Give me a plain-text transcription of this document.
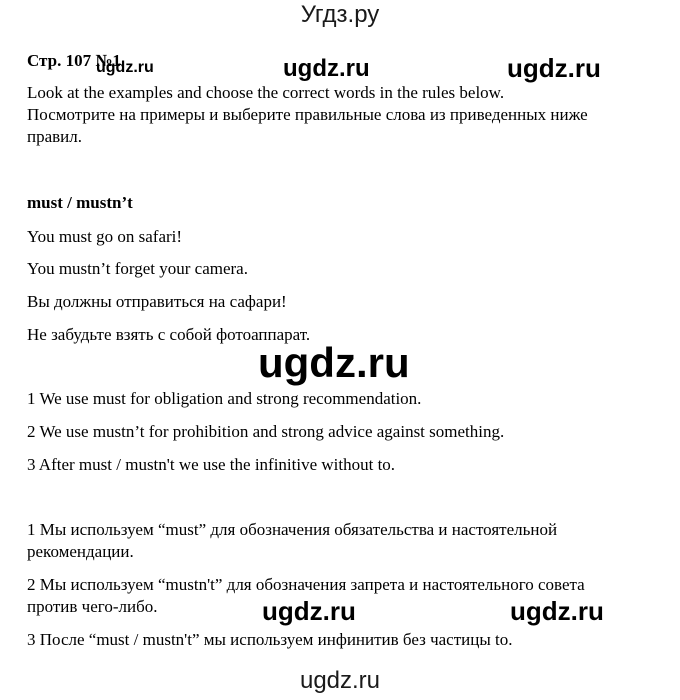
Угдз.ру
Стр. 107 №1
ugdz.ru	ugdz.ru	ugdz.ru
Look at the examples and choose the correct words in the rules below.
Посмотрите на примеры и выберите правильные слова из приведенных ниже
правил.
must / mustn’t
You must go on safari!
You mustn’t forget your camera.
Вы должны отправиться на сафари!
Не забудьте взять с собой фотоаппарат.
ugdz.ru
1 We use must for obligation and strong recommendation.
2 We use mustn’t for prohibition and strong advice against something.
3 After must / mustn't we use the infinitive without to.
1 Мы используем “must” для обозначения обязательства и настоятельной
рекомендации.
2 Мы используем “mustn't” для обозначения запрета и настоятельного совета
против чего-либо.	ugdz.ru	ugdz.ru
3 После “must / mustn't” мы используем инфинитив без частицы to.
ugdz.ru
